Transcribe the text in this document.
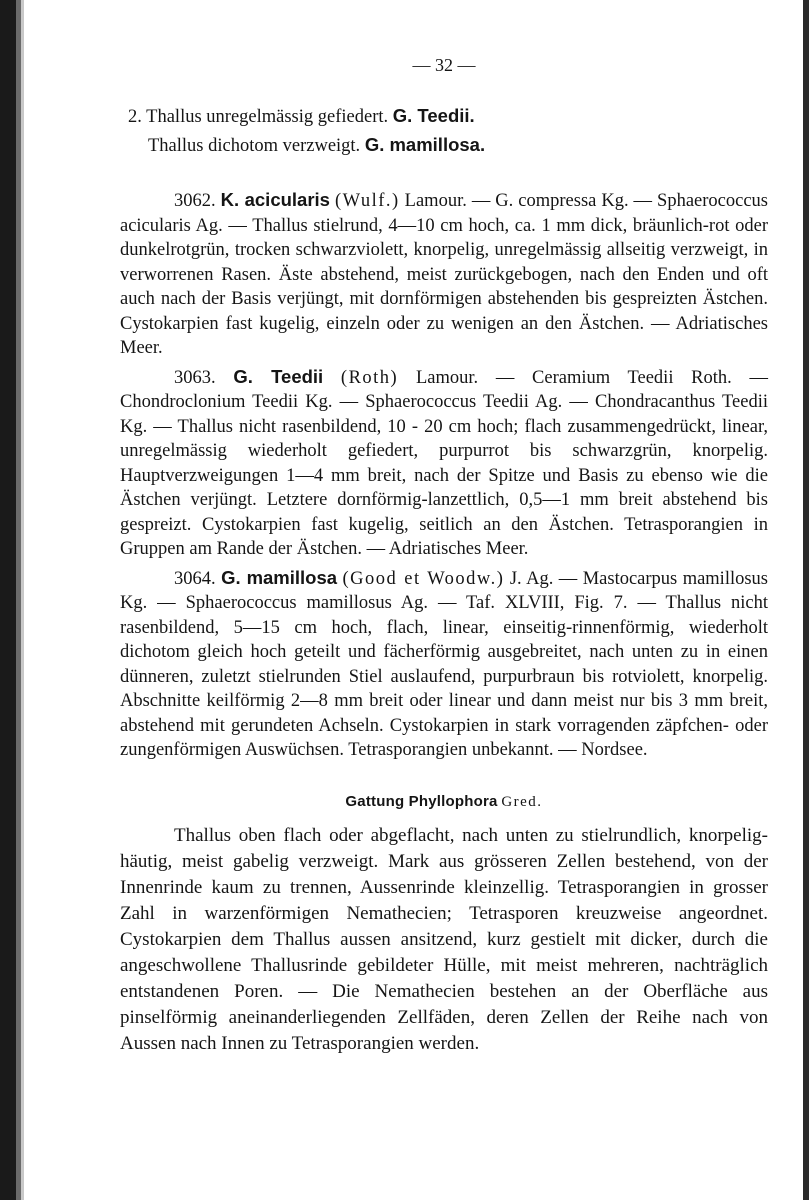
— 32 —
2. Thallus unregelmässig gefiedert. G. Teedii.
Thallus dichotom verzweigt. G. mamillosa.

3062. K. acicularis (Wulf.) Lamour. — G. compressa Kg. — Sphaerococcus acicularis Ag. — Thallus stielrund, 4—10 cm hoch, ca. 1 mm dick, bräunlich-rot oder dunkelrotgrün, trocken schwarzviolett, knorpelig, unregelmässig allseitig verzweigt, in verworrenen Rasen. Äste abstehend, meist zurückgebogen, nach den Enden und oft auch nach der Basis verjüngt, mit dornförmigen abstehenden bis gespreizten Ästchen. Cystokarpien fast kugelig, einzeln oder zu wenigen an den Ästchen. — Adriatisches Meer.

3063. G. Teedii (Roth) Lamour. — Ceramium Teedii Roth. — Chondroclonium Teedii Kg. — Sphaerococcus Teedii Ag. — Chondracanthus Teedii Kg. — Thallus nicht rasenbildend, 10 - 20 cm hoch; flach zusammengedrückt, linear, unregelmässig wiederholt gefiedert, purpurrot bis schwarzgrün, knorpelig. Hauptverzweigungen 1—4 mm breit, nach der Spitze und Basis zu ebenso wie die Ästchen verjüngt. Letztere dornförmig-lanzettlich, 0,5—1 mm breit abstehend bis gespreizt. Cystokarpien fast kugelig, seitlich an den Ästchen. Tetrasporangien in Gruppen am Rande der Ästchen. — Adriatisches Meer.

3064. G. mamillosa (Good et Woodw.) J. Ag. — Mastocarpus mamillosus Kg. — Sphaerococcus mamillosus Ag. — Taf. XLVIII, Fig. 7. — Thallus nicht rasenbildend, 5—15 cm hoch, flach, linear, einseitig-rinnenförmig, wiederholt dichotom gleich hoch geteilt und fächerförmig ausgebreitet, nach unten zu in einen dünneren, zuletzt stielrunden Stiel auslaufend, purpurbraun bis rotviolett, knorpelig. Abschnitte keilförmig 2—8 mm breit oder linear und dann meist nur bis 3 mm breit, abstehend mit gerundeten Achseln. Cystokarpien in stark vorragenden zäpfchen- oder zungenförmigen Auswüchsen. Tetrasporangien unbekannt. — Nordsee.

Gattung Phyllophora Gred.

Thallus oben flach oder abgeflacht, nach unten zu stielrundlich, knorpelig-häutig, meist gabelig verzweigt. Mark aus grösseren Zellen bestehend, von der Innenrinde kaum zu trennen, Aussenrinde kleinzellig. Tetrasporangien in grosser Zahl in warzenförmigen Nemathecien; Tetrasporen kreuzweise angeordnet. Cystokarpien dem Thallus aussen ansitzend, kurz gestielt mit dicker, durch die angeschwollene Thallusrinde gebildeter Hülle, mit meist mehreren, nachträglich entstandenen Poren. — Die Nemathecien bestehen an der Oberfläche aus pinselförmig aneinanderliegenden Zellfäden, deren Zellen der Reihe nach von Aussen nach Innen zu Tetrasporangien werden.
